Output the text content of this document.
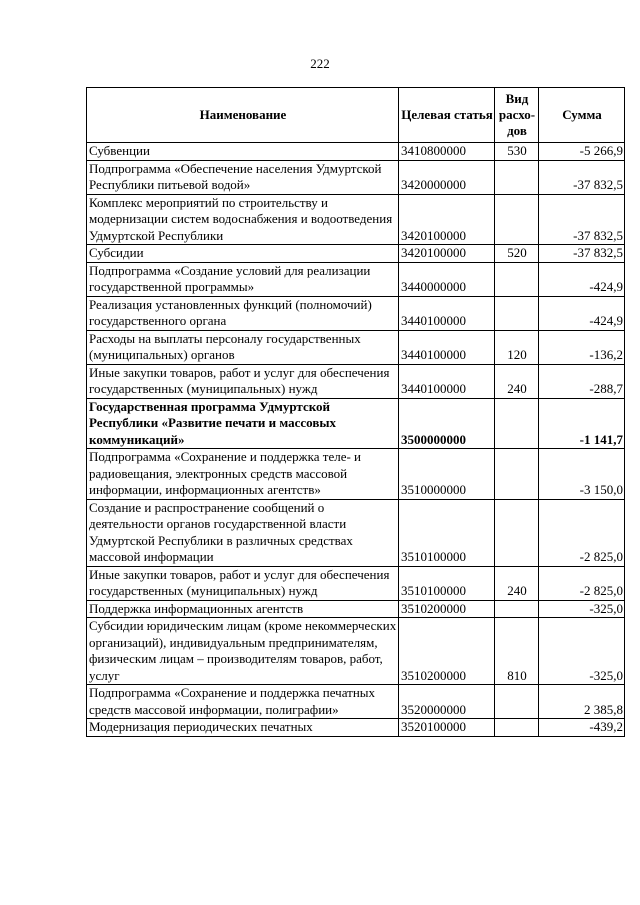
222
Наименование	Целевая статья	Вид расхо-дов	Сумма
Субвенции	3410800000	530	-5 266,9
Подпрограмма «Обеспечение населения Удмуртской Республики питьевой водой»	3420000000		-37 832,5
Комплекс мероприятий по строительству и модернизации систем водоснабжения и водоотведения Удмуртской Республики	3420100000		-37 832,5
Субсидии	3420100000	520	-37 832,5
Подпрограмма «Создание условий для реализации государственной программы»	3440000000		-424,9
Реализация установленных функций (полномочий) государственного органа	3440100000		-424,9
Расходы на выплаты персоналу государственных (муниципальных) органов	3440100000	120	-136,2
Иные закупки товаров, работ и услуг для обеспечения государственных (муниципальных) нужд	3440100000	240	-288,7
Государственная программа Удмуртской Республики «Развитие печати и массовых коммуникаций»	3500000000		-1 141,7
Подпрограмма «Сохранение и поддержка теле- и радиовещания, электронных средств массовой информации, информационных агентств»	3510000000		-3 150,0
Создание и распространение сообщений о деятельности органов государственной власти Удмуртской Республики в различных средствах массовой информации	3510100000		-2 825,0
Иные закупки товаров, работ и услуг для обеспечения государственных (муниципальных) нужд	3510100000	240	-2 825,0
Поддержка информационных агентств	3510200000		-325,0
Субсидии юридическим лицам (кроме некоммерческих организаций), индивидуальным предпринимателям, физическим лицам – производителям товаров, работ, услуг	3510200000	810	-325,0
Подпрограмма «Сохранение и поддержка печатных средств массовой информации, полиграфии»	3520000000		2 385,8
Модернизация периодических печатных	3520100000		-439,2
